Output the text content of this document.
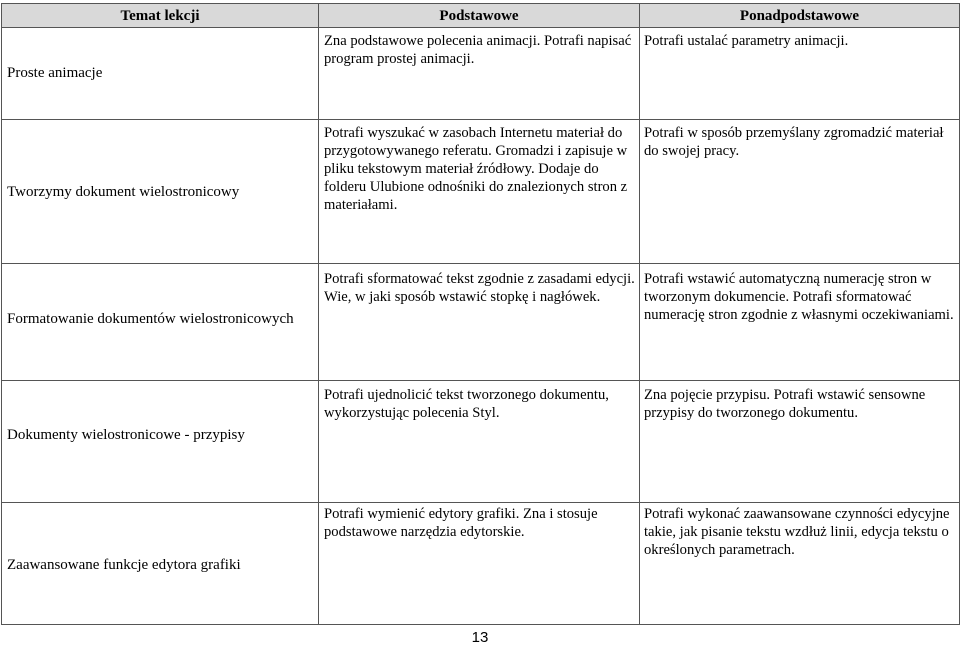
Temat lekcji	Podstawowe	Ponadpodstawowe

Proste animacje	Zna podstawowe polecenia animacji. Potrafi napisać program prostej animacji.	Potrafi ustalać parametry animacji.

Tworzymy dokument wielostronicowy	Potrafi wyszukać w zasobach Internetu materiał do przygotowywanego referatu. Gromadzi i zapisuje w pliku tekstowym materiał źródłowy. Dodaje do folderu Ulubione odnośniki do znalezionych stron z materiałami.	Potrafi w sposób przemyślany zgromadzić materiał do swojej pracy.

Formatowanie dokumentów wielostronicowych	Potrafi sformatować tekst zgodnie z zasadami edycji. Wie, w jaki sposób wstawić stopkę i nagłówek.	Potrafi wstawić automatyczną numerację stron w tworzonym dokumencie. Potrafi sformatować numerację stron zgodnie z własnymi oczekiwaniami.

Dokumenty wielostronicowe - przypisy	Potrafi ujednolicić tekst tworzonego dokumentu, wykorzystując polecenia Styl.	Zna pojęcie przypisu. Potrafi wstawić sensowne przypisy do tworzonego dokumentu.

Zaawansowane funkcje edytora grafiki	Potrafi wymienić edytory grafiki. Zna i stosuje podstawowe narzędzia edytorskie.	Potrafi wykonać zaawansowane czynności edycyjne takie, jak pisanie tekstu wzdłuż linii, edycja tekstu o określonych parametrach.
13
